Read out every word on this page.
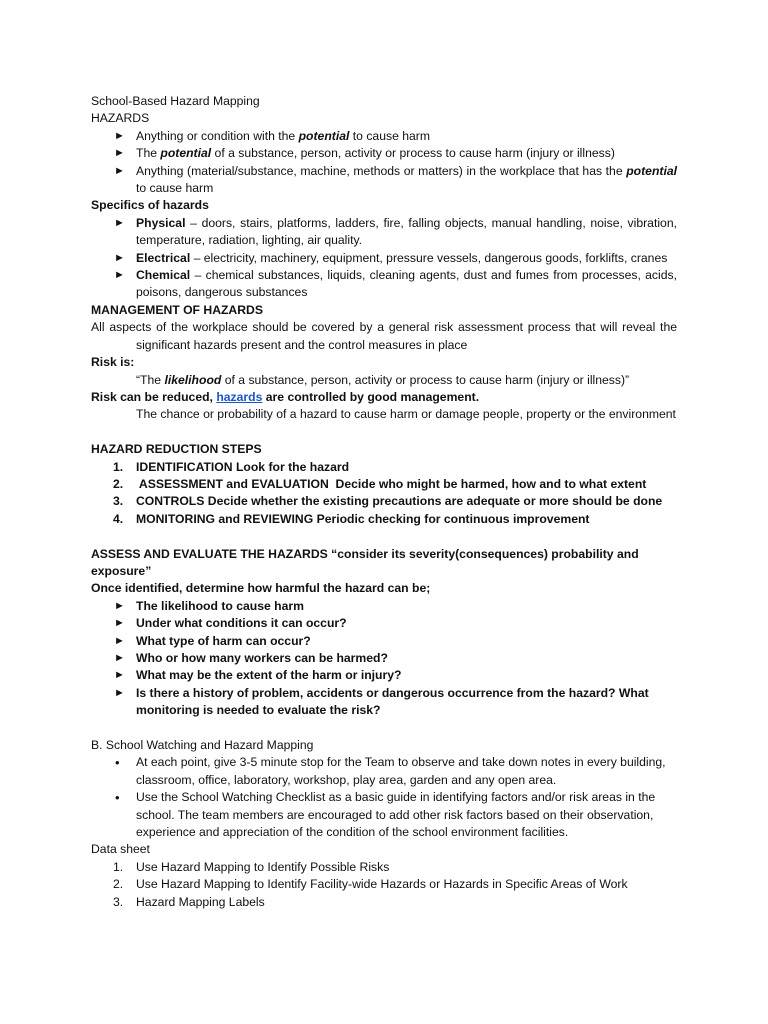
School-Based Hazard Mapping

HAZARDS

► Anything or condition with the potential to cause harm

► The potential of a substance, person, activity or process to cause harm (injury or illness)

► Anything (material/substance, machine, methods or matters) in the workplace that has the potential to cause harm

Specifics of hazards

► Physical – doors, stairs, platforms, ladders, fire, falling objects, manual handling, noise, vibration, temperature, radiation, lighting, air quality.

► Electrical – electricity, machinery, equipment, pressure vessels, dangerous goods, forklifts, cranes

► Chemical – chemical substances, liquids, cleaning agents, dust and fumes from processes, acids, poisons, dangerous substances

MANAGEMENT OF HAZARDS

All aspects of the workplace should be covered by a general risk assessment process that will reveal the significant hazards present and the control measures in place

Risk is:

“The likelihood of a substance, person, activity or process to cause harm (injury or illness)”

Risk can be reduced, hazards are controlled by good management.

The chance or probability of a hazard to cause harm or damage people, property or the environment

HAZARD REDUCTION STEPS

1. IDENTIFICATION Look for the hazard

2. ASSESSMENT and EVALUATION  Decide who might be harmed, how and to what extent

3. CONTROLS Decide whether the existing precautions are adequate or more should be done

4. MONITORING and REVIEWING Periodic checking for continuous improvement

ASSESS AND EVALUATE THE HAZARDS “consider its severity(consequences) probability and exposure”

Once identified, determine how harmful the hazard can be;

► The likelihood to cause harm

► Under what conditions it can occur?

► What type of harm can occur?

► Who or how many workers can be harmed?

► What may be the extent of the harm or injury?

► Is there a history of problem, accidents or dangerous occurrence from the hazard? What monitoring is needed to evaluate the risk?

B. School Watching and Hazard Mapping

• At each point, give 3-5 minute stop for the Team to observe and take down notes in every building, classroom, office, laboratory, workshop, play area, garden and any open area.

• Use the School Watching Checklist as a basic guide in identifying factors and/or risk areas in the school. The team members are encouraged to add other risk factors based on their observation, experience and appreciation of the condition of the school environment facilities.

Data sheet

1. Use Hazard Mapping to Identify Possible Risks

2. Use Hazard Mapping to Identify Facility-wide Hazards or Hazards in Specific Areas of Work

3. Hazard Mapping Labels
